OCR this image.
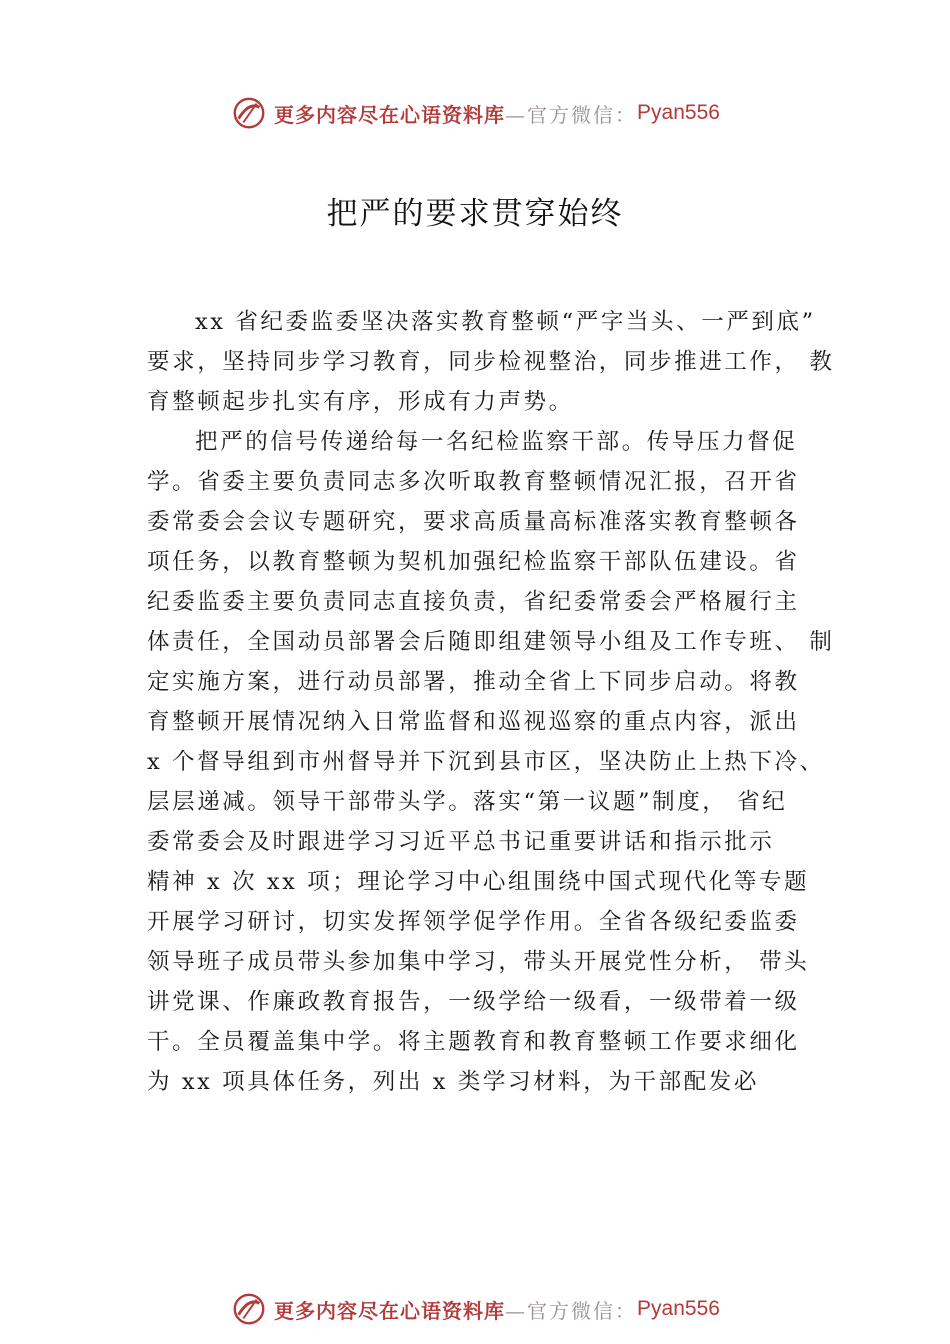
更多内容尽在心语资料库 —官方微信： Pyan556
把严的要求贯穿始终
xx 省纪委监委坚决落实教育整顿“严字当头、一严到底”
要求，坚持同步学习教育，同步检视整治，同步推进工作， 教
育整顿起步扎实有序，形成有力声势。
把严的信号传递给每一名纪检监察干部。传导压力督促
学。省委主要负责同志多次听取教育整顿情况汇报，召开省
委常委会会议专题研究，要求高质量高标准落实教育整顿各
项任务，以教育整顿为契机加强纪检监察干部队伍建设。省
纪委监委主要负责同志直接负责，省纪委常委会严格履行主
体责任，全国动员部署会后随即组建领导小组及工作专班、 制
定实施方案，进行动员部署，推动全省上下同步启动。将教
育整顿开展情况纳入日常监督和巡视巡察的重点内容，派出
x 个督导组到市州督导并下沉到县市区，坚决防止上热下冷、
层层递减。领导干部带头学。落实“第一议题”制度， 省纪
委常委会及时跟进学习习近平总书记重要讲话和指示批示
精神 x 次 xx 项；理论学习中心组围绕中国式现代化等专题
开展学习研讨，切实发挥领学促学作用。全省各级纪委监委
领导班子成员带头参加集中学习，带头开展党性分析， 带头
讲党课、作廉政教育报告，一级学给一级看，一级带着一级
干。全员覆盖集中学。将主题教育和教育整顿工作要求细化
为 xx 项具体任务，列出 x 类学习材料，为干部配发必
更多内容尽在心语资料库 —官方微信： Pyan556
